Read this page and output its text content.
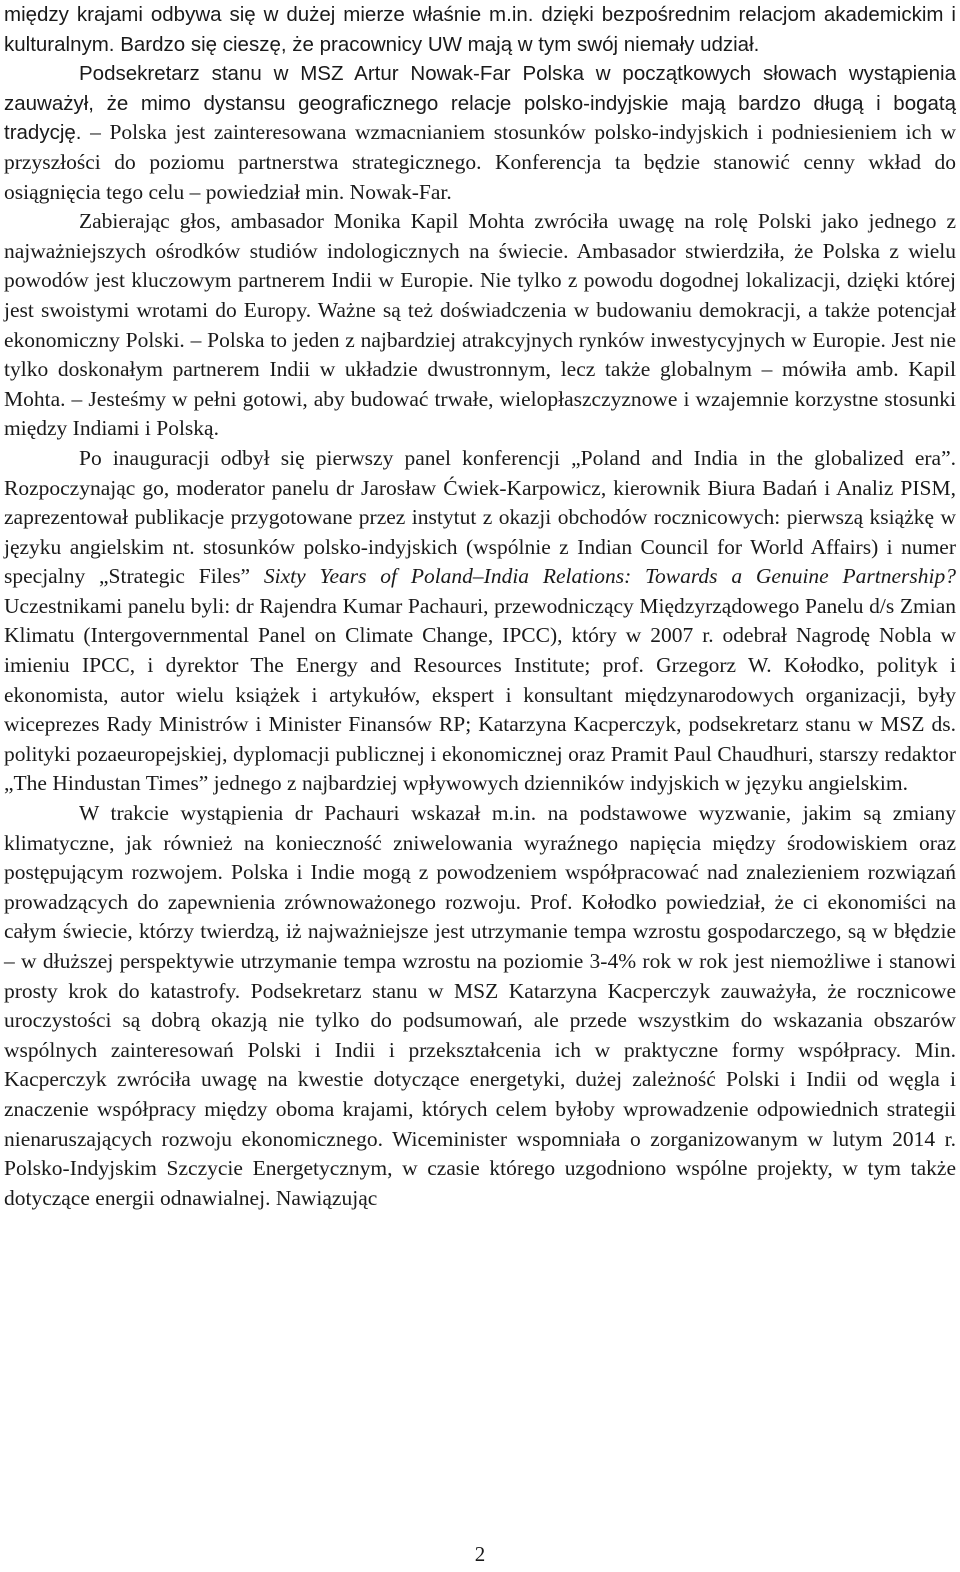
między krajami odbywa się w dużej mierze właśnie m.in. dzięki bezpośrednim relacjom akademickim i kulturalnym. Bardzo się cieszę, że pracownicy UW mają w tym swój niemały udział.

Podsekretarz stanu w MSZ Artur Nowak-Far Polska w początkowych słowach wystąpienia zauważył, że mimo dystansu geograficznego relacje polsko-indyjskie mają bardzo długą i bogatą tradycję. – Polska jest zainteresowana wzmacnianiem stosunków polsko-indyjskich i podniesieniem ich w przyszłości do poziomu partnerstwa strategicznego. Konferencja ta będzie stanowić cenny wkład do osiągnięcia tego celu – powiedział min. Nowak-Far.

Zabierając głos, ambasador Monika Kapil Mohta zwróciła uwagę na rolę Polski jako jednego z najważniejszych ośrodków studiów indologicznych na świecie. Ambasador stwierdziła, że Polska z wielu powodów jest kluczowym partnerem Indii w Europie. Nie tylko z powodu dogodnej lokalizacji, dzięki której jest swoistymi wrotami do Europy. Ważne są też doświadczenia w budowaniu demokracji, a także potencjał ekonomiczny Polski. – Polska to jeden z najbardziej atrakcyjnych rynków inwestycyjnych w Europie. Jest nie tylko doskonałym partnerem Indii w układzie dwustronnym, lecz także globalnym – mówiła amb. Kapil Mohta. – Jesteśmy w pełni gotowi, aby budować trwałe, wielopłaszczyznowe i wzajemnie korzystne stosunki między Indiami i Polską.

Po inauguracji odbył się pierwszy panel konferencji „Poland and India in the globalized era”. Rozpoczynając go, moderator panelu dr Jarosław Ćwiek-Karpowicz, kierownik Biura Badań i Analiz PISM, zaprezentował publikacje przygotowane przez instytut z okazji obchodów rocznicowych: pierwszą książkę w języku angielskim nt. stosunków polsko-indyjskich (wspólnie z Indian Council for World Affairs) i numer specjalny „Strategic Files” Sixty Years of Poland–India Relations: Towards a Genuine Partnership? Uczestnikami panelu byli: dr Rajendra Kumar Pachauri, przewodniczący Międzyrządowego Panelu d/s Zmian Klimatu (Intergovernmental Panel on Climate Change, IPCC), który w 2007 r. odebrał Nagrodę Nobla w imieniu IPCC, i dyrektor The Energy and Resources Institute; prof. Grzegorz W. Kołodko, polityk i ekonomista, autor wielu książek i artykułów, ekspert i konsultant międzynarodowych organizacji, były wiceprezes Rady Ministrów i Minister Finansów RP; Katarzyna Kacperczyk, podsekretarz stanu w MSZ ds. polityki pozaeuropejskiej, dyplomacji publicznej i ekonomicznej oraz Pramit Paul Chaudhuri, starszy redaktor „The Hindustan Times” jednego z najbardziej wpływowych dzienników indyjskich w języku angielskim.

W trakcie wystąpienia dr Pachauri wskazał m.in. na podstawowe wyzwanie, jakim są zmiany klimatyczne, jak również na konieczność zniwelowania wyraźnego napięcia między środowiskiem oraz postępującym rozwojem. Polska i Indie mogą z powodzeniem współpracować nad znalezieniem rozwiązań prowadzących do zapewnienia zrównoważonego rozwoju. Prof. Kołodko powiedział, że ci ekonomiści na całym świecie, którzy twierdzą, iż najważniejsze jest utrzymanie tempa wzrostu gospodarczego, są w błędzie – w dłuższej perspektywie utrzymanie tempa wzrostu na poziomie 3-4% rok w rok jest niemożliwe i stanowi prosty krok do katastrofy. Podsekretarz stanu w MSZ Katarzyna Kacperczyk zauważyła, że rocznicowe uroczystości są dobrą okazją nie tylko do podsumowań, ale przede wszystkim do wskazania obszarów wspólnych zainteresowań Polski i Indii i przekształcenia ich w praktyczne formy współpracy. Min. Kacperczyk zwróciła uwagę na kwestie dotyczące energetyki, dużej zależność Polski i Indii od węgla i znaczenie współpracy między oboma krajami, których celem byłoby wprowadzenie odpowiednich strategii nienaruszających rozwoju ekonomicznego. Wiceminister wspomniała o zorganizowanym w lutym 2014 r. Polsko-Indyjskim Szczycie Energetycznym, w czasie którego uzgodniono wspólne projekty, w tym także dotyczące energii odnawialnej. Nawiązując

2
